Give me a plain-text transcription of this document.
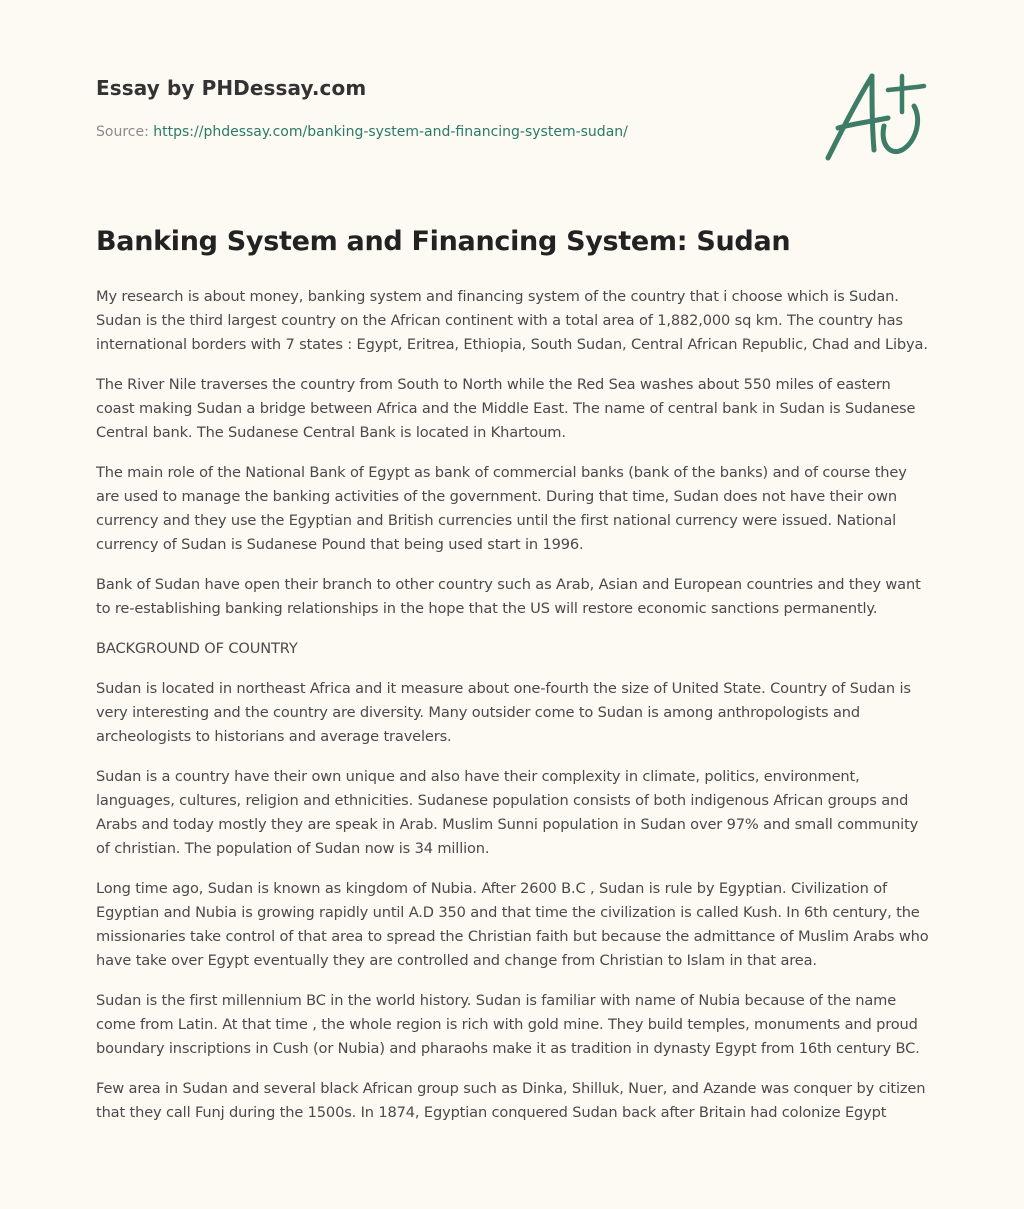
Essay by PHDessay.com
Source: https://phdessay.com/banking-system-and-financing-system-sudan/
Banking System and Financing System: Sudan

My research is about money, banking system and financing system of the country that i choose which is Sudan. Sudan is the third largest country on the African continent with a total area of 1,882,000 sq km. The country has international borders with 7 states : Egypt, Eritrea, Ethiopia, South Sudan, Central African Republic, Chad and Libya.

The River Nile traverses the country from South to North while the Red Sea washes about 550 miles of eastern coast making Sudan a bridge between Africa and the Middle East. The name of central bank in Sudan is Sudanese Central bank. The Sudanese Central Bank is located in Khartoum.

The main role of the National Bank of Egypt as bank of commercial banks (bank of the banks) and of course they are used to manage the banking activities of the government. During that time, Sudan does not have their own currency and they use the Egyptian and British currencies until the first national currency were issued. National currency of Sudan is Sudanese Pound that being used start in 1996.

Bank of Sudan have open their branch to other country such as Arab, Asian and European countries and they want to re-establishing banking relationships in the hope that the US will restore economic sanctions permanently.

BACKGROUND OF COUNTRY

Sudan is located in northeast Africa and it measure about one-fourth the size of United State. Country of Sudan is very interesting and the country are diversity. Many outsider come to Sudan is among anthropologists and archeologists to historians and average travelers.

Sudan is a country have their own unique and also have their complexity in climate, politics, environment, languages, cultures, religion and ethnicities. Sudanese population consists of both indigenous African groups and Arabs and today mostly they are speak in Arab. Muslim Sunni population in Sudan over 97% and small community of christian. The population of Sudan now is 34 million.

Long time ago, Sudan is known as kingdom of Nubia. After 2600 B.C , Sudan is rule by Egyptian. Civilization of Egyptian and Nubia is growing rapidly until A.D 350 and that time the civilization is called Kush. In 6th century, the missionaries take control of that area to spread the Christian faith but because the admittance of Muslim Arabs who have take over Egypt eventually they are controlled and change from Christian to Islam in that area.

Sudan is the first millennium BC in the world history. Sudan is familiar with name of Nubia because of the name come from Latin. At that time , the whole region is rich with gold mine. They build temples, monuments and proud boundary inscriptions in Cush (or Nubia) and pharaohs make it as tradition in dynasty Egypt from 16th century BC.

Few area in Sudan and several black African group such as Dinka, Shilluk, Nuer, and Azande was conquer by citizen that they call Funj during the 1500s. In 1874, Egyptian conquered Sudan back after Britain had colonize Egypt
